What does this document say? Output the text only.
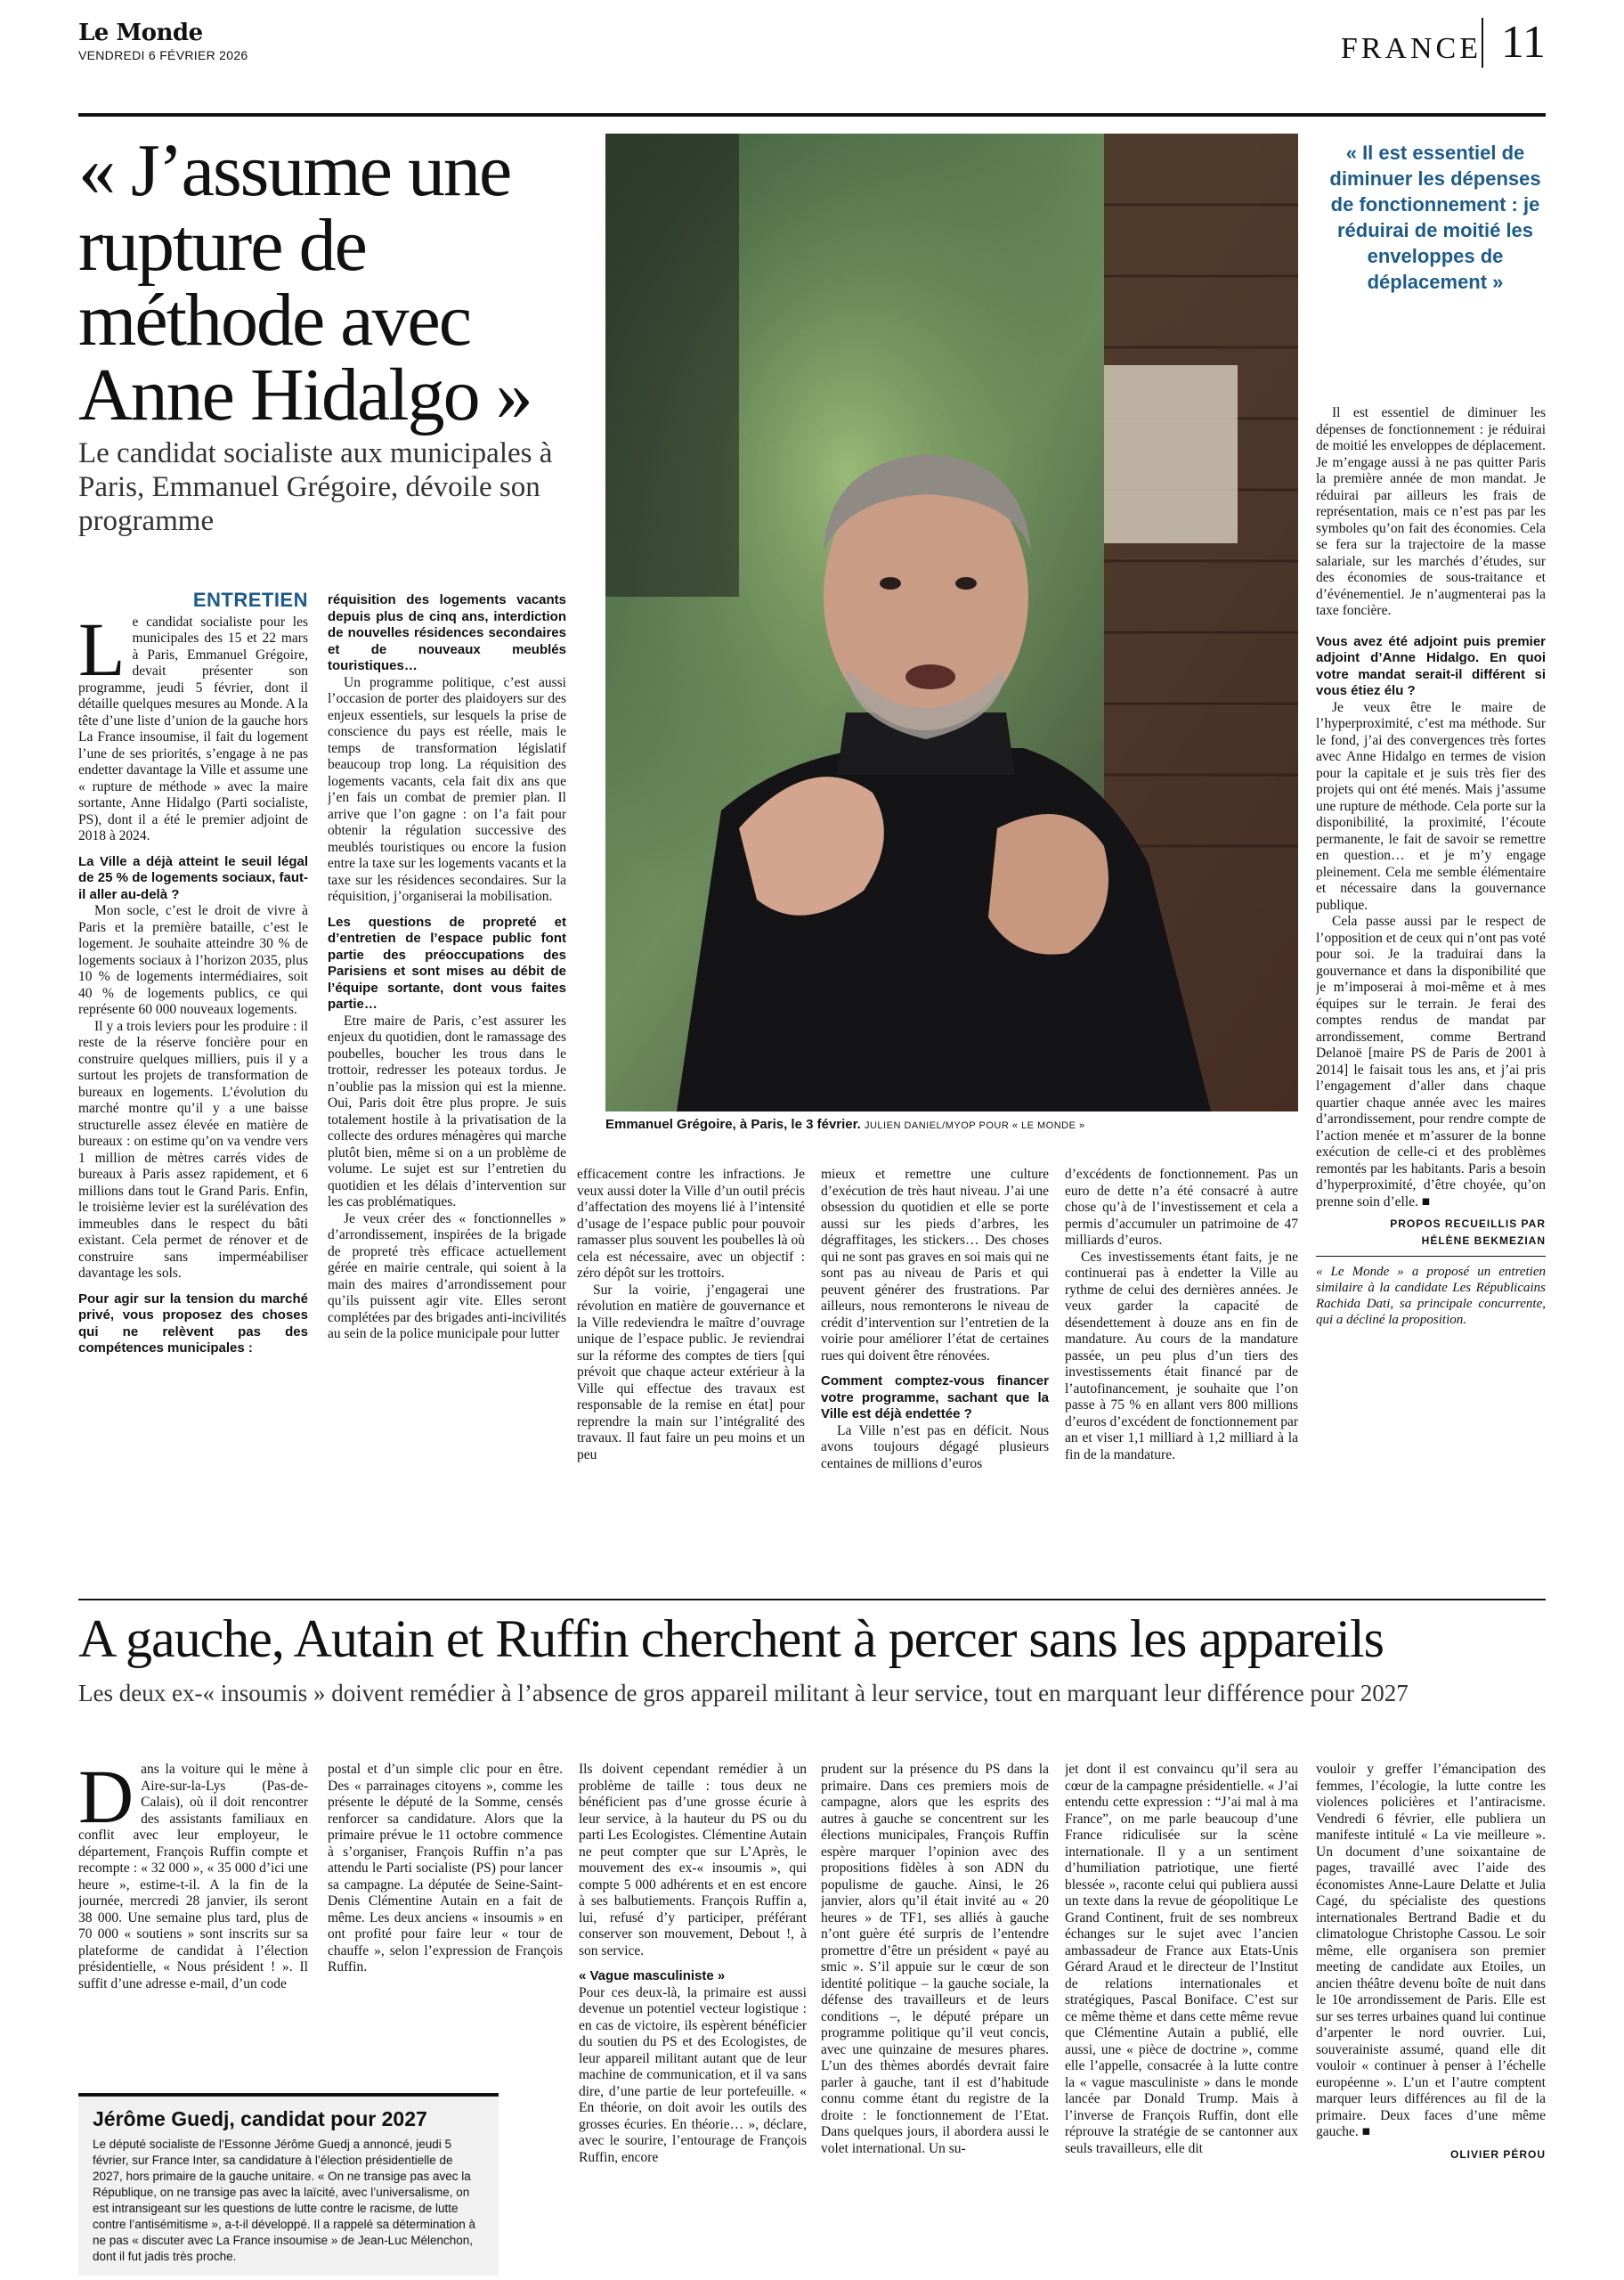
Le Monde
VENDREDI 6 FÉVRIER 2026	FRANCE 11
« J’assume une rupture de méthode avec Anne Hidalgo »

Le candidat socialiste aux municipales à Paris, Emmanuel Grégoire, dévoile son programme

Emmanuel Grégoire, à Paris, le 3 février. JULIEN DANIEL/MYOP POUR « LE MONDE »
« Il est essentiel de diminuer les dépenses de fonctionnement : je réduirai de moitié les enveloppes de déplacement »
ENTRETIEN

Le candidat socialiste pour les municipales des 15 et 22 mars à Paris, Emmanuel Grégoire, devait présenter son programme, jeudi 5 février, dont il détaille quelques mesures au Monde. A la tête d’une liste d’union de la gauche hors La France insoumise, il fait du logement l’une de ses priorités, s’engage à ne pas endetter davantage la Ville et assume une « rupture de méthode » avec la maire sortante, Anne Hidalgo (Parti socialiste, PS), dont il a été le premier adjoint de 2018 à 2024.

La Ville a déjà atteint le seuil légal de 25 % de logements sociaux, faut-il aller au-delà ?

Mon socle, c’est le droit de vivre à Paris et la première bataille, c’est le logement. Je souhaite atteindre 30 % de logements sociaux à l’horizon 2035, plus 10 % de logements intermédiaires, soit 40 % de logements publics, ce qui représente 60 000 nouveaux logements.

Il y a trois leviers pour les produire : il reste de la réserve foncière pour en construire quelques milliers, puis il y a surtout les projets de transformation de bureaux en logements. L’évolution du marché montre qu’il y a une baisse structurelle assez élevée en matière de bureaux : on estime qu’on va vendre vers 1 million de mètres carrés vides de bureaux à Paris assez rapidement, et 6 millions dans tout le Grand Paris. Enfin, le troisième levier est la surélévation des immeubles dans le respect du bâti existant. Cela permet de rénover et de construire sans imperméabiliser davantage les sols.

Pour agir sur la tension du marché privé, vous proposez des choses qui ne relèvent pas des compétences municipales :

réquisition des logements vacants depuis plus de cinq ans, interdiction de nouvelles résidences secondaires et de nouveaux meublés touristiques…

Un programme politique, c’est aussi l’occasion de porter des plaidoyers sur des enjeux essentiels, sur lesquels la prise de conscience du pays est réelle, mais le temps de transformation législatif beaucoup trop long. La réquisition des logements vacants, cela fait dix ans que j’en fais un combat de premier plan. Il arrive que l’on gagne : on l’a fait pour obtenir la régulation successive des meublés touristiques ou encore la fusion entre la taxe sur les logements vacants et la taxe sur les résidences secondaires. Sur la réquisition, j’organiserai la mobilisation.

Les questions de propreté et d’entretien de l’espace public font partie des préoccupations des Parisiens et sont mises au débit de l’équipe sortante, dont vous faites partie…

Etre maire de Paris, c’est assurer les enjeux du quotidien, dont le ramassage des poubelles, boucher les trous dans le trottoir, redresser les poteaux tordus. Je n’oublie pas la mission qui est la mienne. Oui, Paris doit être plus propre. Je suis totalement hostile à la privatisation de la collecte des ordures ménagères qui marche plutôt bien, même si on a un problème de volume. Le sujet est sur l’entretien du quotidien et les délais d’intervention sur les cas problématiques.

Je veux créer des « fonctionnelles » d’arrondissement, inspirées de la brigade de propreté très efficace actuellement gérée en mairie centrale, qui soient à la main des maires d’arrondissement pour qu’ils puissent agir vite. Elles seront complétées par des brigades anti-incivilités au sein de la police municipale pour lutter

efficacement contre les infractions. Je veux aussi doter la Ville d’un outil précis d’affectation des moyens lié à l’intensité d’usage de l’espace public pour pouvoir ramasser plus souvent les poubelles là où cela est nécessaire, avec un objectif : zéro dépôt sur les trottoirs.

Sur la voirie, j’engagerai une révolution en matière de gouvernance et la Ville redeviendra le maître d’ouvrage unique de l’espace public. Je reviendrai sur la réforme des comptes de tiers [qui prévoit que chaque acteur extérieur à la Ville qui effectue des travaux est responsable de la remise en état] pour reprendre la main sur l’intégralité des travaux. Il faut faire un peu moins et un peu

mieux et remettre une culture d’exécution de très haut niveau. J’ai une obsession du quotidien et elle se porte aussi sur les pieds d’arbres, les dégraffitages, les stickers… Des choses qui ne sont pas graves en soi mais qui ne sont pas au niveau de Paris et qui peuvent générer des frustrations. Par ailleurs, nous remonterons le niveau de crédit d’intervention sur l’entretien de la voirie pour améliorer l’état de certaines rues qui doivent être rénovées.

Comment comptez-vous financer votre programme, sachant que la Ville est déjà endettée ?

La Ville n’est pas en déficit. Nous avons toujours dégagé plusieurs centaines de millions d’euros

d’excédents de fonctionnement. Pas un euro de dette n’a été consacré à autre chose qu’à de l’investissement et cela a permis d’accumuler un patrimoine de 47 milliards d’euros.

Ces investissements étant faits, je ne continuerai pas à endetter la Ville au rythme de celui des dernières années. Je veux garder la capacité de désendettement à douze ans en fin de mandature. Au cours de la mandature passée, un peu plus d’un tiers des investissements était financé par de l’autofinancement, je souhaite que l’on passe à 75 % en allant vers 800 millions d’euros d’excédent de fonctionnement par an et viser 1,1 milliard à 1,2 milliard à la fin de la mandature.

Il est essentiel de diminuer les dépenses de fonctionnement : je réduirai de moitié les enveloppes de déplacement. Je m’engage aussi à ne pas quitter Paris la première année de mon mandat. Je réduirai par ailleurs les frais de représentation, mais ce n’est pas par les symboles qu’on fait des économies. Cela se fera sur la trajectoire de la masse salariale, sur les marchés d’études, sur des économies de sous-traitance et d’événementiel. Je n’augmenterai pas la taxe foncière.

Vous avez été adjoint puis premier adjoint d’Anne Hidalgo. En quoi votre mandat serait-il différent si vous étiez élu ?

Je veux être le maire de l’hyperproximité, c’est ma méthode. Sur le fond, j’ai des convergences très fortes avec Anne Hidalgo en termes de vision pour la capitale et je suis très fier des projets qui ont été menés. Mais j’assume une rupture de méthode. Cela porte sur la disponibilité, la proximité, l’écoute permanente, le fait de savoir se remettre en question… et je m’y engage pleinement. Cela me semble élémentaire et nécessaire dans la gouvernance publique.

Cela passe aussi par le respect de l’opposition et de ceux qui n’ont pas voté pour soi. Je la traduirai dans la gouvernance et dans la disponibilité que je m’imposerai à moi-même et à mes équipes sur le terrain. Je ferai des comptes rendus de mandat par arrondissement, comme Bertrand Delanoë [maire PS de Paris de 2001 à 2014] le faisait tous les ans, et j’ai pris l’engagement d’aller dans chaque quartier chaque année avec les maires d’arrondissement, pour rendre compte de l’action menée et m’assurer de la bonne exécution de celle-ci et des problèmes remontés par les habitants. Paris a besoin d’hyperproximité, d’être choyée, qu’on prenne soin d’elle. ■

PROPOS RECUEILLIS PAR
HÉLÈNE BEKMEZIAN
« Le Monde » a proposé un entretien similaire à la candidate Les Républicains Rachida Dati, sa principale concurrente, qui a décliné la proposition.
A gauche, Autain et Ruffin cherchent à percer sans les appareils

Les deux ex-« insoumis » doivent remédier à l’absence de gros appareil militant à leur service, tout en marquant leur différence pour 2027

Dans la voiture qui le mène à Aire-sur-la-Lys (Pas-de-Calais), où il doit rencontrer des assistants familiaux en conflit avec leur employeur, le département, François Ruffin compte et recompte : « 32 000 », « 35 000 d’ici une heure », estime-t-il. A la fin de la journée, mercredi 28 janvier, ils seront 38 000. Une semaine plus tard, plus de 70 000 « soutiens » sont inscrits sur sa plateforme de candidat à l’élection présidentielle, « Nous président ! ». Il suffit d’une adresse e-mail, d’un code

postal et d’un simple clic pour en être. Des « parrainages citoyens », comme les présente le député de la Somme, censés renforcer sa candidature. Alors que la primaire prévue le 11 octobre commence à s’organiser, François Ruffin n’a pas attendu le Parti socialiste (PS) pour lancer sa campagne. La députée de Seine-Saint-Denis Clémentine Autain en a fait de même. Les deux anciens « insoumis » en ont profité pour faire leur « tour de chauffe », selon l’expression de François Ruffin.

Ils doivent cependant remédier à un problème de taille : tous deux ne bénéficient pas d’une grosse écurie à leur service, à la hauteur du PS ou du parti Les Ecologistes. Clémentine Autain ne peut compter que sur L’Après, le mouvement des ex-« insoumis », qui compte 5 000 adhérents et en est encore à ses balbutiements. François Ruffin a, lui, refusé d’y participer, préférant conserver son mouvement, Debout !, à son service.

« Vague masculiniste »

Pour ces deux-là, la primaire est aussi devenue un potentiel vecteur logistique : en cas de victoire, ils espèrent bénéficier du soutien du PS et des Ecologistes, de leur appareil militant autant que de leur machine de communication, et il va sans dire, d’une partie de leur portefeuille. « En théorie, on doit avoir les outils des grosses écuries. En théorie… », déclare, avec le sourire, l’entourage de François Ruffin, encore

prudent sur la présence du PS dans la primaire. Dans ces premiers mois de campagne, alors que les esprits des autres à gauche se concentrent sur les élections municipales, François Ruffin espère marquer l’opinion avec des propositions fidèles à son ADN du populisme de gauche. Ainsi, le 26 janvier, alors qu’il était invité au « 20 heures » de TF1, ses alliés à gauche n’ont guère été surpris de l’entendre promettre d’être un président « payé au smic ». S’il appuie sur le cœur de son identité politique – la gauche sociale, la défense des travailleurs et de leurs conditions –, le député prépare un programme politique qu’il veut concis, avec une quinzaine de mesures phares. L’un des thèmes abordés devrait faire parler à gauche, tant il est d’habitude connu comme étant du registre de la droite : le fonctionnement de l’Etat. Dans quelques jours, il abordera aussi le volet international. Un su-

jet dont il est convaincu qu’il sera au cœur de la campagne présidentielle. « J’ai entendu cette expression : “J’ai mal à ma France”, on me parle beaucoup d’une France ridiculisée sur la scène internationale. Il y a un sentiment d’humiliation patriotique, une fierté blessée », raconte celui qui publiera aussi un texte dans la revue de géopolitique Le Grand Continent, fruit de ses nombreux échanges sur le sujet avec l’ancien ambassadeur de France aux Etats-Unis Gérard Araud et le directeur de l’Institut de relations internationales et stratégiques, Pascal Boniface. C’est sur ce même thème et dans cette même revue que Clémentine Autain a publié, elle aussi, une « pièce de doctrine », comme elle l’appelle, consacrée à la lutte contre la « vague masculiniste » dans le monde lancée par Donald Trump. Mais à l’inverse de François Ruffin, dont elle réprouve la stratégie de se cantonner aux seuls travailleurs, elle dit

vouloir y greffer l’émancipation des femmes, l’écologie, la lutte contre les violences policières et l’antiracisme. Vendredi 6 février, elle publiera un manifeste intitulé « La vie meilleure ». Un document d’une soixantaine de pages, travaillé avec l’aide des économistes Anne-Laure Delatte et Julia Cagé, du spécialiste des questions internationales Bertrand Badie et du climatologue Christophe Cassou. Le soir même, elle organisera son premier meeting de candidate aux Etoiles, un ancien théâtre devenu boîte de nuit dans le 10e arrondissement de Paris. Elle est sur ses terres urbaines quand lui continue d’arpenter le nord ouvrier. Lui, souverainiste assumé, quand elle dit vouloir « continuer à penser à l’échelle européenne ». L’un et l’autre comptent marquer leurs différences au fil de la primaire. Deux faces d’une même gauche. ■

OLIVIER PÉROU
Jérôme Guedj, candidat pour 2027
Le député socialiste de l’Essonne Jérôme Guedj a annoncé, jeudi 5 février, sur France Inter, sa candidature à l’élection présidentielle de 2027, hors primaire de la gauche unitaire. « On ne transige pas avec la République, on ne transige pas avec la laïcité, avec l’universalisme, on est intransigeant sur les questions de lutte contre le racisme, de lutte contre l’antisémitisme », a-t-il développé. Il a rappelé sa détermination à ne pas « discuter avec La France insoumise » de Jean-Luc Mélenchon, dont il fut jadis très proche.
